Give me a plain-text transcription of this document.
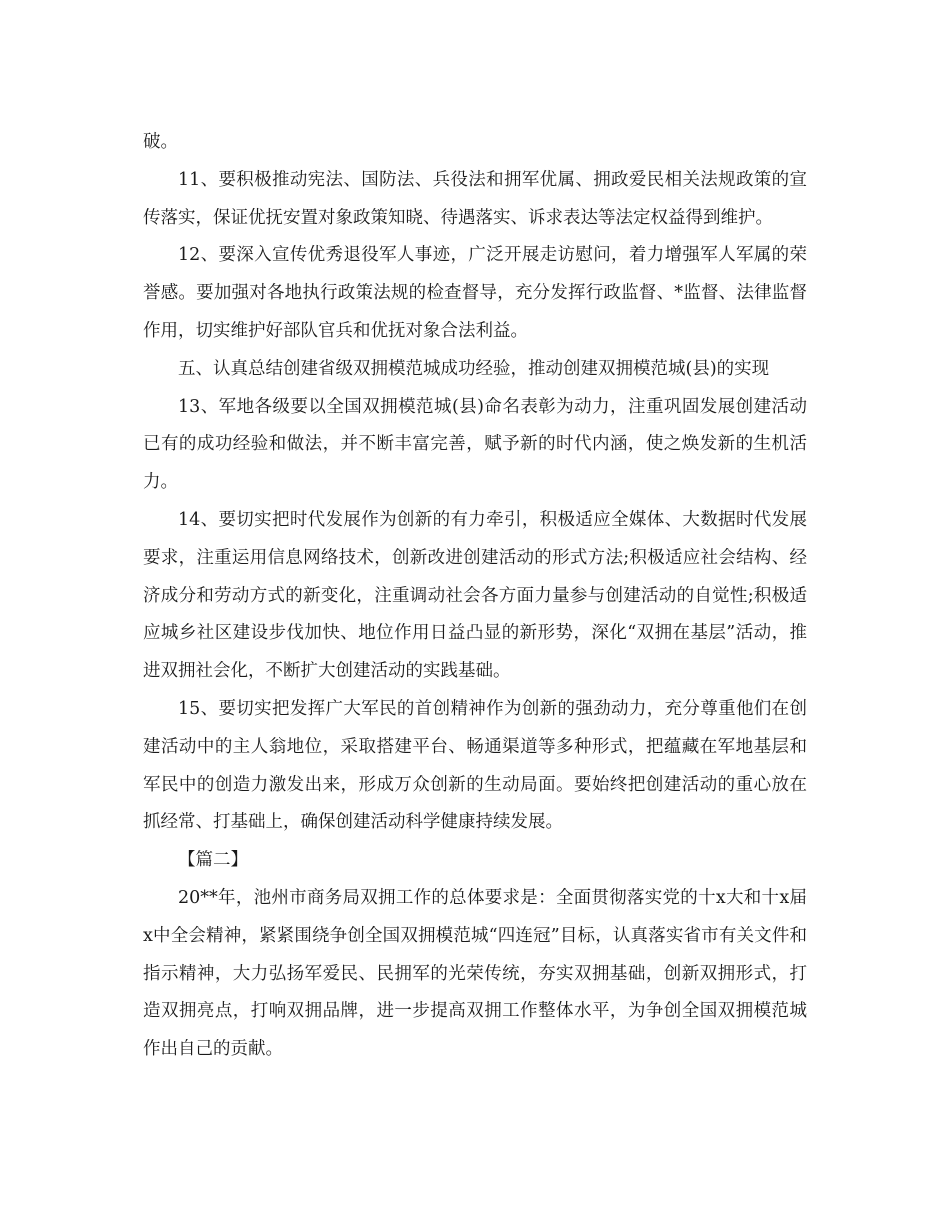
破。

11、要积极推动宪法、国防法、兵役法和拥军优属、拥政爱民相关法规政策的宣传落实，保证优抚安置对象政策知晓、待遇落实、诉求表达等法定权益得到维护。

12、要深入宣传优秀退役军人事迹，广泛开展走访慰问，着力增强军人军属的荣誉感。要加强对各地执行政策法规的检查督导，充分发挥行政监督、*监督、法律监督作用，切实维护好部队官兵和优抚对象合法利益。

五、认真总结创建省级双拥模范城成功经验，推动创建双拥模范城(县)的实现

13、军地各级要以全国双拥模范城(县)命名表彰为动力，注重巩固发展创建活动已有的成功经验和做法，并不断丰富完善，赋予新的时代内涵，使之焕发新的生机活力。

14、要切实把时代发展作为创新的有力牵引，积极适应全媒体、大数据时代发展要求，注重运用信息网络技术，创新改进创建活动的形式方法;积极适应社会结构、经济成分和劳动方式的新变化，注重调动社会各方面力量参与创建活动的自觉性;积极适应城乡社区建设步伐加快、地位作用日益凸显的新形势，深化“双拥在基层”活动，推进双拥社会化，不断扩大创建活动的实践基础。

15、要切实把发挥广大军民的首创精神作为创新的强劲动力，充分尊重他们在创建活动中的主人翁地位，采取搭建平台、畅通渠道等多种形式，把蕴藏在军地基层和军民中的创造力激发出来，形成万众创新的生动局面。要始终把创建活动的重心放在抓经常、打基础上，确保创建活动科学健康持续发展。

【篇二】

20**年，池州市商务局双拥工作的总体要求是：全面贯彻落实党的十x大和十x届x中全会精神，紧紧围绕争创全国双拥模范城“四连冠”目标，认真落实省市有关文件和指示精神，大力弘扬军爱民、民拥军的光荣传统，夯实双拥基础，创新双拥形式，打造双拥亮点，打响双拥品牌，进一步提高双拥工作整体水平，为争创全国双拥模范城作出自己的贡献。
